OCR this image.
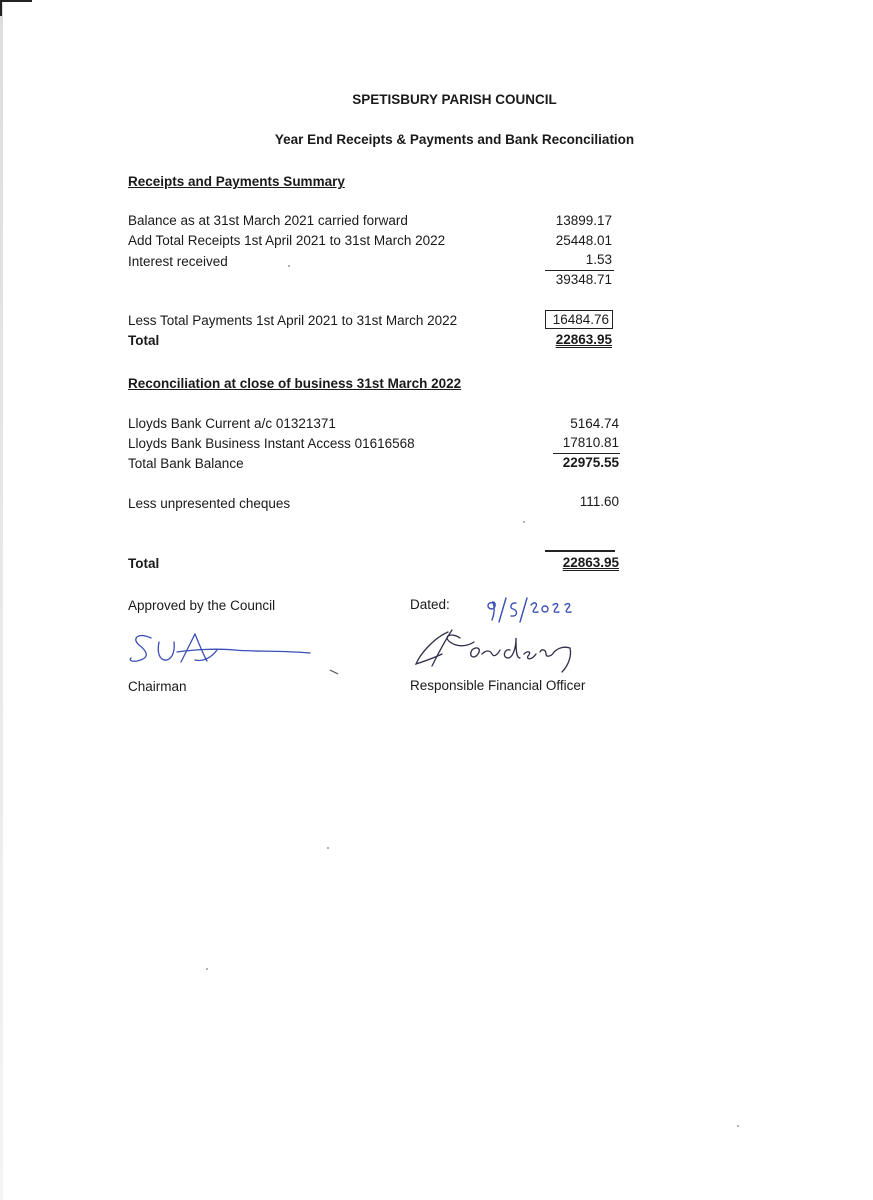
SPETISBURY PARISH COUNCIL
Year End Receipts & Payments and Bank Reconciliation
Receipts and Payments Summary
Balance as at 31st March 2021 carried forward	13899.17
Add Total Receipts 1st April 2021 to 31st March 2022	25448.01
Interest received	1.53
39348.71
Less Total Payments 1st April 2021 to 31st March 2022	16484.76
Total	22863.95
Reconciliation at close of business 31st March 2022
Lloyds Bank Current a/c 01321371	5164.74
Lloyds Bank Business Instant Access 01616568	17810.81
Total Bank Balance	22975.55
Less unpresented cheques	111.60
Total	22863.95
Approved by the Council	Dated:
Chairman	Responsible Financial Officer
